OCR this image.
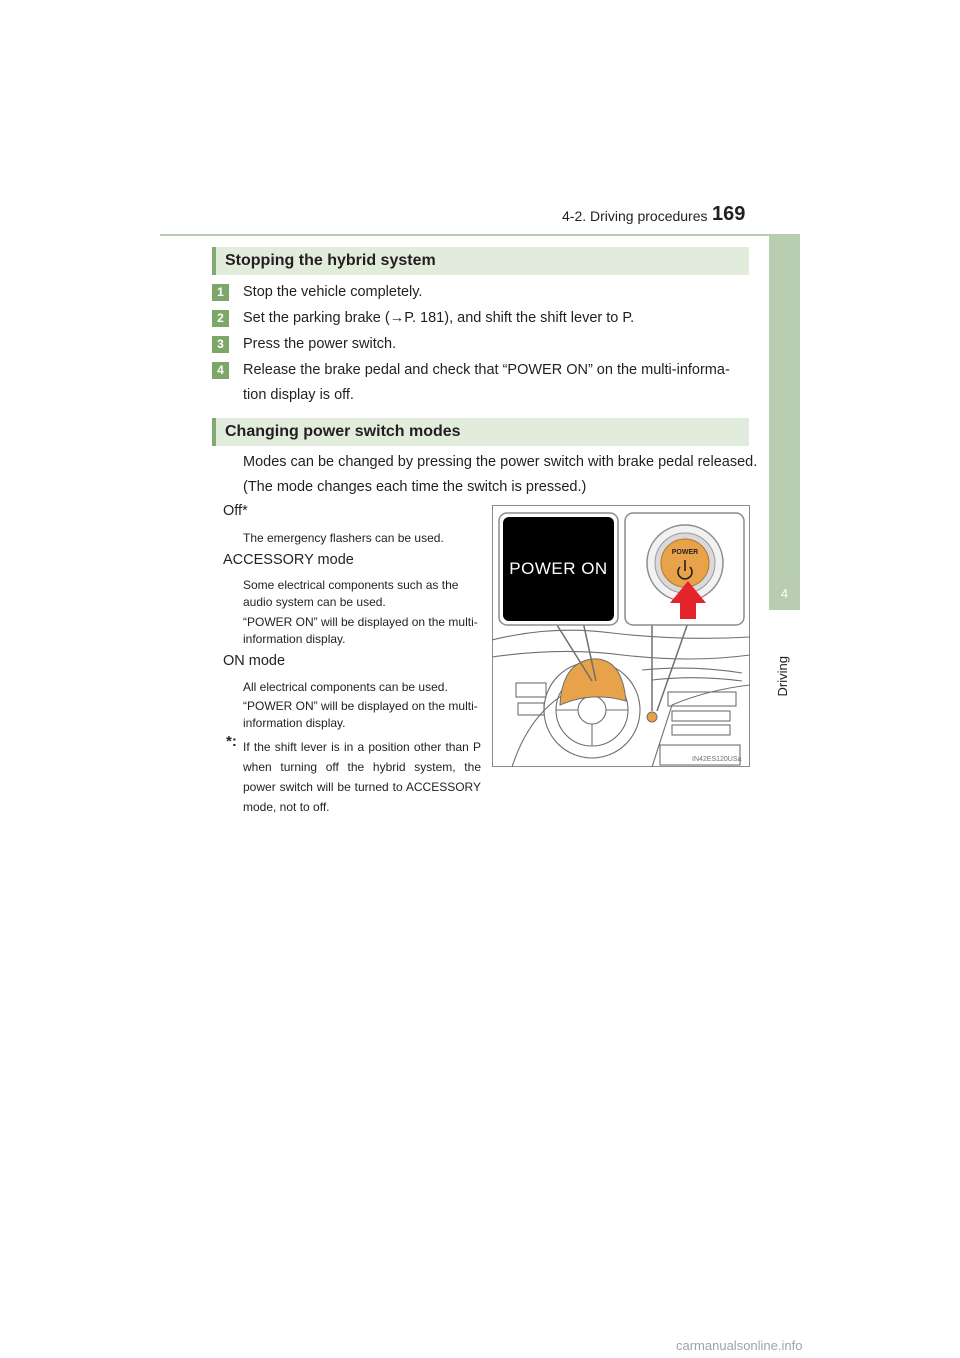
4-2. Driving procedures 169
4
Driving
Stopping the hybrid system
1	Stop the vehicle completely.
2	Set the parking brake (→P. 181), and shift the shift lever to P.
3	Press the power switch.
4	Release the brake pedal and check that “POWER ON” on the multi-informa-
tion display is off.
Changing power switch modes
Modes can be changed by pressing the power switch with brake pedal released.
(The mode changes each time the switch is pressed.)
Off*
The emergency flashers can be used.
ACCESSORY mode
Some electrical components such as the audio system can be used.
“POWER ON” will be displayed on the multi-information display.
ON mode
All electrical components can be used.
“POWER ON” will be displayed on the multi-information display.
*: If the shift lever is in a position other than P when turning off the hybrid system, the power switch will be turned to ACCESSORY mode, not to off.
POWER ON
POWER
IN42ES120USa
carmanualsonline.info
